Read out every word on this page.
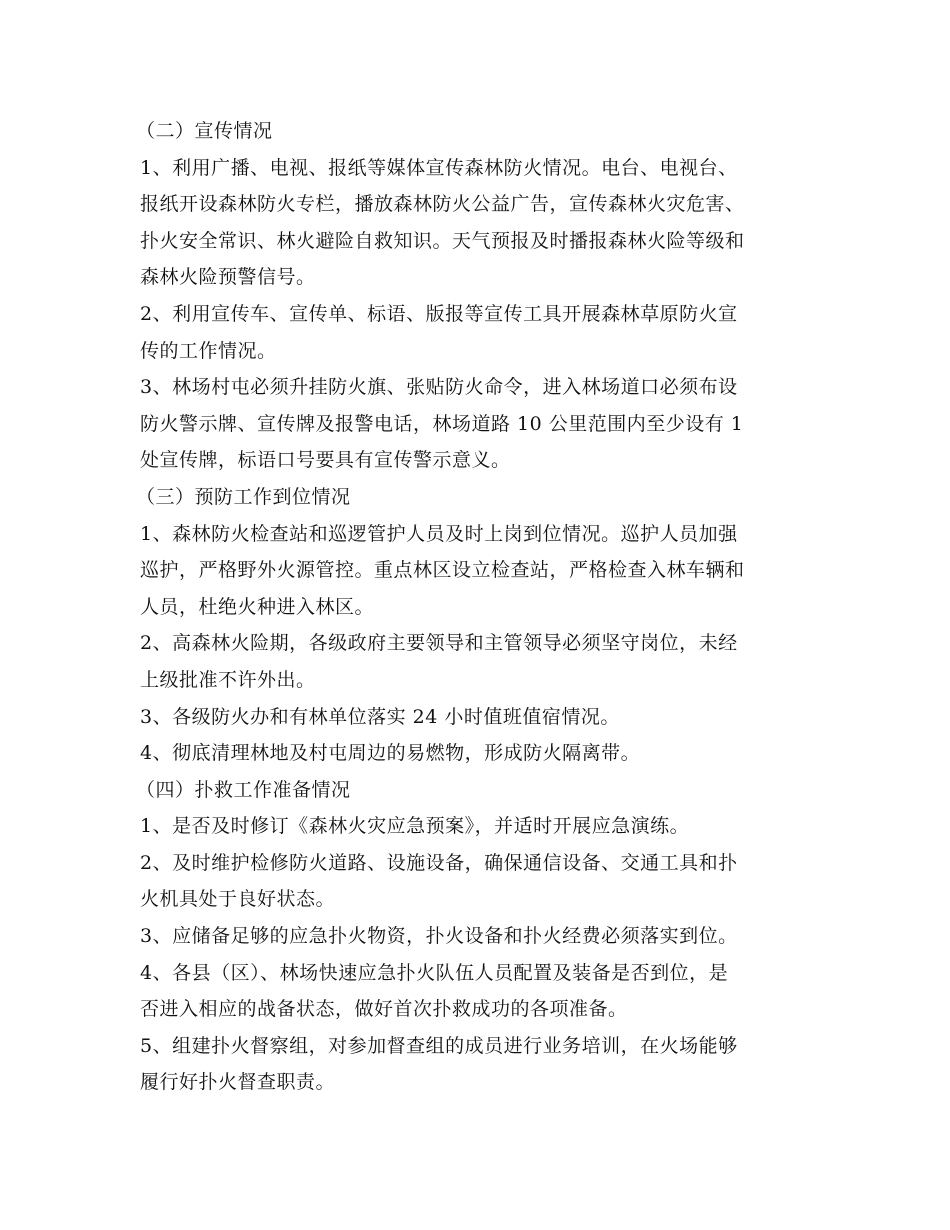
（二）宣传情况

1、利用广播、电视、报纸等媒体宣传森林防火情况。电台、电视台、
报纸开设森林防火专栏，播放森林防火公益广告，宣传森林火灾危害、
扑火安全常识、林火避险自救知识。天气预报及时播报森林火险等级和
森林火险预警信号。

2、利用宣传车、宣传单、标语、版报等宣传工具开展森林草原防火宣
传的工作情况。

3、林场村屯必须升挂防火旗、张贴防火命令，进入林场道口必须布设
防火警示牌、宣传牌及报警电话，林场道路 10 公里范围内至少设有 1
处宣传牌，标语口号要具有宣传警示意义。

（三）预防工作到位情况

1、森林防火检查站和巡逻管护人员及时上岗到位情况。巡护人员加强
巡护，严格野外火源管控。重点林区设立检查站，严格检查入林车辆和
人员，杜绝火种进入林区。

2、高森林火险期，各级政府主要领导和主管领导必须坚守岗位，未经
上级批准不许外出。

3、各级防火办和有林单位落实 24 小时值班值宿情况。

4、彻底清理林地及村屯周边的易燃物，形成防火隔离带。

（四）扑救工作准备情况

1、是否及时修订《森林火灾应急预案》，并适时开展应急演练。

2、及时维护检修防火道路、设施设备，确保通信设备、交通工具和扑
火机具处于良好状态。

3、应储备足够的应急扑火物资，扑火设备和扑火经费必须落实到位。

4、各县（区）、林场快速应急扑火队伍人员配置及装备是否到位，是
否进入相应的战备状态，做好首次扑救成功的各项准备。

5、组建扑火督察组，对参加督查组的成员进行业务培训，在火场能够
履行好扑火督查职责。
